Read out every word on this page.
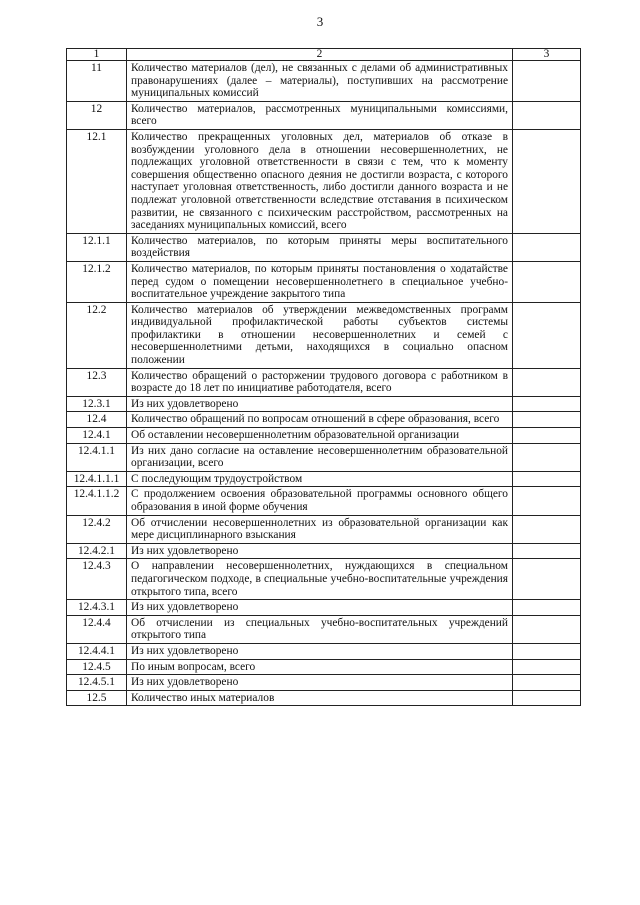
3
1	2	3
11	Количество материалов (дел), не связанных с делами об административных правонарушениях (далее – материалы), поступивших на рассмотрение муниципальных комиссий	
12	Количество материалов, рассмотренных муниципальными комиссиями, всего	
12.1	Количество прекращенных уголовных дел, материалов об отказе в возбуждении уголовного дела в отношении несовершеннолетних, не подлежащих уголовной ответственности в связи с тем, что к моменту совершения общественно опасного деяния не достигли возраста, с которого наступает уголовная ответственность, либо достигли данного возраста и не подлежат уголовной ответственности вследствие отставания в психическом развитии, не связанного с психическим расстройством, рассмотренных на заседаниях муниципальных комиссий, всего	
12.1.1	Количество материалов, по которым приняты меры воспитательного воздействия	
12.1.2	Количество материалов, по которым приняты постановления о ходатайстве перед судом о помещении несовершеннолетнего в специальное учебно-воспитательное учреждение закрытого типа	
12.2	Количество материалов об утверждении межведомственных программ индивидуальной профилактической работы субъектов системы профилактики в отношении несовершеннолетних и семей с несовершеннолетними детьми, находящихся в социально опасном положении	
12.3	Количество обращений о расторжении трудового договора с работником в возрасте до 18 лет по инициативе работодателя, всего	
12.3.1	Из них удовлетворено	
12.4	Количество обращений по вопросам отношений в сфере образования, всего	
12.4.1	Об оставлении несовершеннолетним образовательной организации	
12.4.1.1	Из них дано согласие на оставление несовершеннолетним образовательной организации, всего	
12.4.1.1.1	С последующим трудоустройством	
12.4.1.1.2	С продолжением освоения образовательной программы основного общего образования в иной форме обучения	
12.4.2	Об отчислении несовершеннолетних из образовательной организации как мере дисциплинарного взыскания	
12.4.2.1	Из них удовлетворено	
12.4.3	О направлении несовершеннолетних, нуждающихся в специальном педагогическом подходе, в специальные учебно-воспитательные учреждения открытого типа, всего	
12.4.3.1	Из них удовлетворено	
12.4.4	Об отчислении из специальных учебно-воспитательных учреждений открытого типа	
12.4.4.1	Из них удовлетворено	
12.4.5	По иным вопросам, всего	
12.4.5.1	Из них удовлетворено	
12.5	Количество иных материалов	
